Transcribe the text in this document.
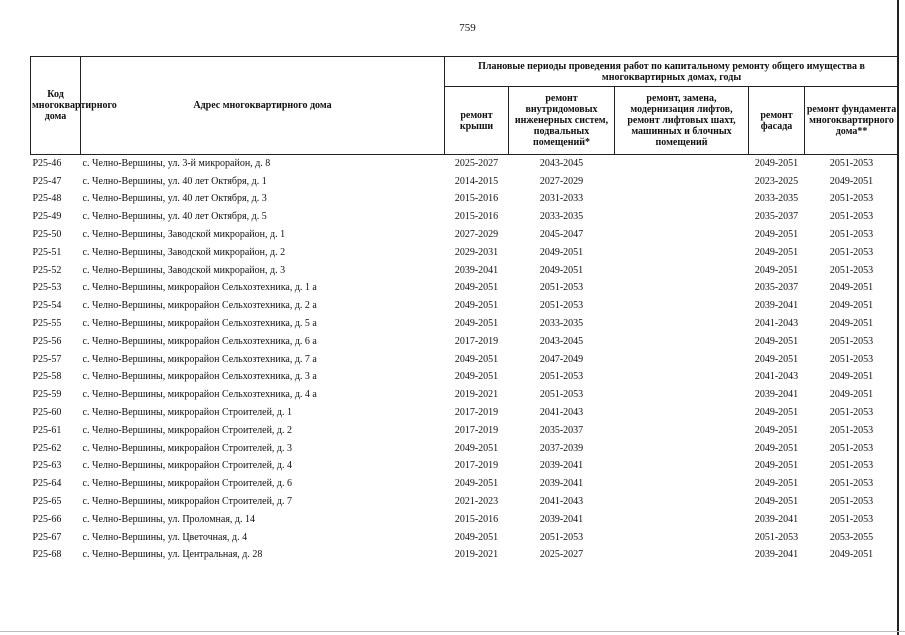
759
Код многоквартирного дома	Адрес многоквартирного дома	Плановые периоды проведения работ по капитальному ремонту общего имущества в многоквартирных домах, годы				
		ремонт крыши	ремонт внутридомовых инженерных систем, подвальных помещений*	ремонт, замена, модернизация лифтов, ремонт лифтовых шахт, машинных и блочных помещений	ремонт фасада	ремонт фундамента многоквартирного дома**
Р25-46	с. Челно-Вершины, ул. 3-й микрорайон, д. 8	2025-2027	2043-2045		2049-2051	2051-2053
Р25-47	с. Челно-Вершины, ул. 40 лет Октября, д. 1	2014-2015	2027-2029		2023-2025	2049-2051
Р25-48	с. Челно-Вершины, ул. 40 лет Октября, д. 3	2015-2016	2031-2033		2033-2035	2051-2053
Р25-49	с. Челно-Вершины, ул. 40 лет Октября, д. 5	2015-2016	2033-2035		2035-2037	2051-2053
Р25-50	с. Челно-Вершины, Заводской микрорайон, д. 1	2027-2029	2045-2047		2049-2051	2051-2053
Р25-51	с. Челно-Вершины, Заводской микрорайон, д. 2	2029-2031	2049-2051		2049-2051	2051-2053
Р25-52	с. Челно-Вершины, Заводской микрорайон, д. 3	2039-2041	2049-2051		2049-2051	2051-2053
Р25-53	с. Челно-Вершины, микрорайон Сельхозтехника, д. 1 а	2049-2051	2051-2053		2035-2037	2049-2051
Р25-54	с. Челно-Вершины, микрорайон Сельхозтехника, д. 2 а	2049-2051	2051-2053		2039-2041	2049-2051
Р25-55	с. Челно-Вершины, микрорайон Сельхозтехника, д. 5 а	2049-2051	2033-2035		2041-2043	2049-2051
Р25-56	с. Челно-Вершины, микрорайон Сельхозтехника, д. 6 а	2017-2019	2043-2045		2049-2051	2051-2053
Р25-57	с. Челно-Вершины, микрорайон Сельхозтехника, д. 7 а	2049-2051	2047-2049		2049-2051	2051-2053
Р25-58	с. Челно-Вершины, микрорайон Сельхозтехника, д. 3 а	2049-2051	2051-2053		2041-2043	2049-2051
Р25-59	с. Челно-Вершины, микрорайон Сельхозтехника, д. 4 а	2019-2021	2051-2053		2039-2041	2049-2051
Р25-60	с. Челно-Вершины, микрорайон Строителей, д. 1	2017-2019	2041-2043		2049-2051	2051-2053
Р25-61	с. Челно-Вершины, микрорайон Строителей, д. 2	2017-2019	2035-2037		2049-2051	2051-2053
Р25-62	с. Челно-Вершины, микрорайон Строителей, д. 3	2049-2051	2037-2039		2049-2051	2051-2053
Р25-63	с. Челно-Вершины, микрорайон Строителей, д. 4	2017-2019	2039-2041		2049-2051	2051-2053
Р25-64	с. Челно-Вершины, микрорайон Строителей, д. 6	2049-2051	2039-2041		2049-2051	2051-2053
Р25-65	с. Челно-Вершины, микрорайон Строителей, д. 7	2021-2023	2041-2043		2049-2051	2051-2053
Р25-66	с. Челно-Вершины, ул. Проломная, д. 14	2015-2016	2039-2041		2039-2041	2051-2053
Р25-67	с. Челно-Вершины, ул. Цветочная, д. 4	2049-2051	2051-2053		2051-2053	2053-2055
Р25-68	с. Челно-Вершины, ул. Центральная, д. 28	2019-2021	2025-2027		2039-2041	2049-2051
